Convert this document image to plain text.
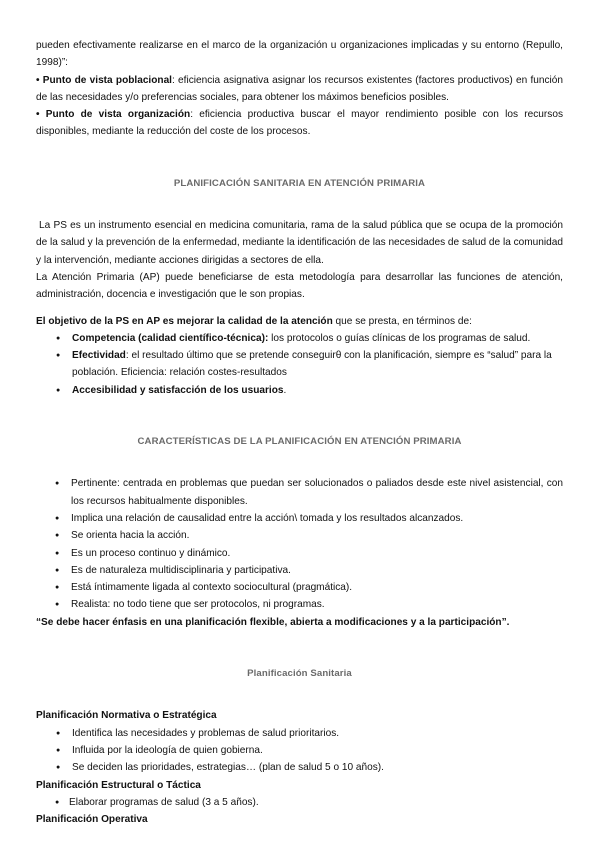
pueden efectivamente realizarse en el marco de la organización u organizaciones implicadas y su entorno (Repullo, 1998)”:

• Punto de vista poblacional: eficiencia asignativa asignar los recursos existentes (factores productivos) en función de las necesidades y/o preferencias sociales, para obtener los máximos beneficios posibles.

• Punto de vista organización: eficiencia productiva buscar el mayor rendimiento posible con los recursos disponibles, mediante la reducción del coste de los procesos.

PLANIFICACIÓN SANITARIA EN ATENCIÓN PRIMARIA

La PS es un instrumento esencial en medicina comunitaria, rama de la salud pública que se ocupa de la promoción de la salud y la prevención de la enfermedad, mediante la identificación de las necesidades de salud de la comunidad y la intervención, mediante acciones dirigidas a sectores de ella.

La Atención Primaria (AP) puede beneficiarse de esta metodología para desarrollar las funciones de atención, administración, docencia e investigación que le son propias.

El objetivo de la PS en AP es mejorar la calidad de la atención que se presta, en términos de:

● Competencia (calidad científico-técnica): los protocolos o guías clínicas de los programas de salud.
● Efectividad: el resultado último que se pretende conseguirθ con la planificación, siempre es “salud” para la población. Eficiencia: relación costes-resultados
● Accesibilidad y satisfacción de los usuarios.

CARACTERÍSTICAS DE LA PLANIFICACIÓN EN ATENCIÓN PRIMARIA

● Pertinente: centrada en problemas que puedan ser solucionados o paliados desde este nivel asistencial, con los recursos habitualmente disponibles.
● Implica una relación de causalidad entre la acción\ tomada y los resultados alcanzados.
● Se orienta hacia la acción.
● Es un proceso continuo y dinámico.
● Es de naturaleza multidisciplinaria y participativa.
● Está íntimamente ligada al contexto sociocultural (pragmática).
● Realista: no todo tiene que ser protocolos, ni programas.

“Se debe hacer énfasis en una planificación flexible, abierta a modificaciones y a la participación”.

Planificación Sanitaria

Planificación Normativa o Estratégica

● Identifica las necesidades y problemas de salud prioritarios.
● Influida por la ideología de quien gobierna.
● Se deciden las prioridades, estrategias… (plan de salud 5 o 10 años).

Planificación Estructural o Táctica

● Elaborar programas de salud (3 a 5 años).

Planificación Operativa
